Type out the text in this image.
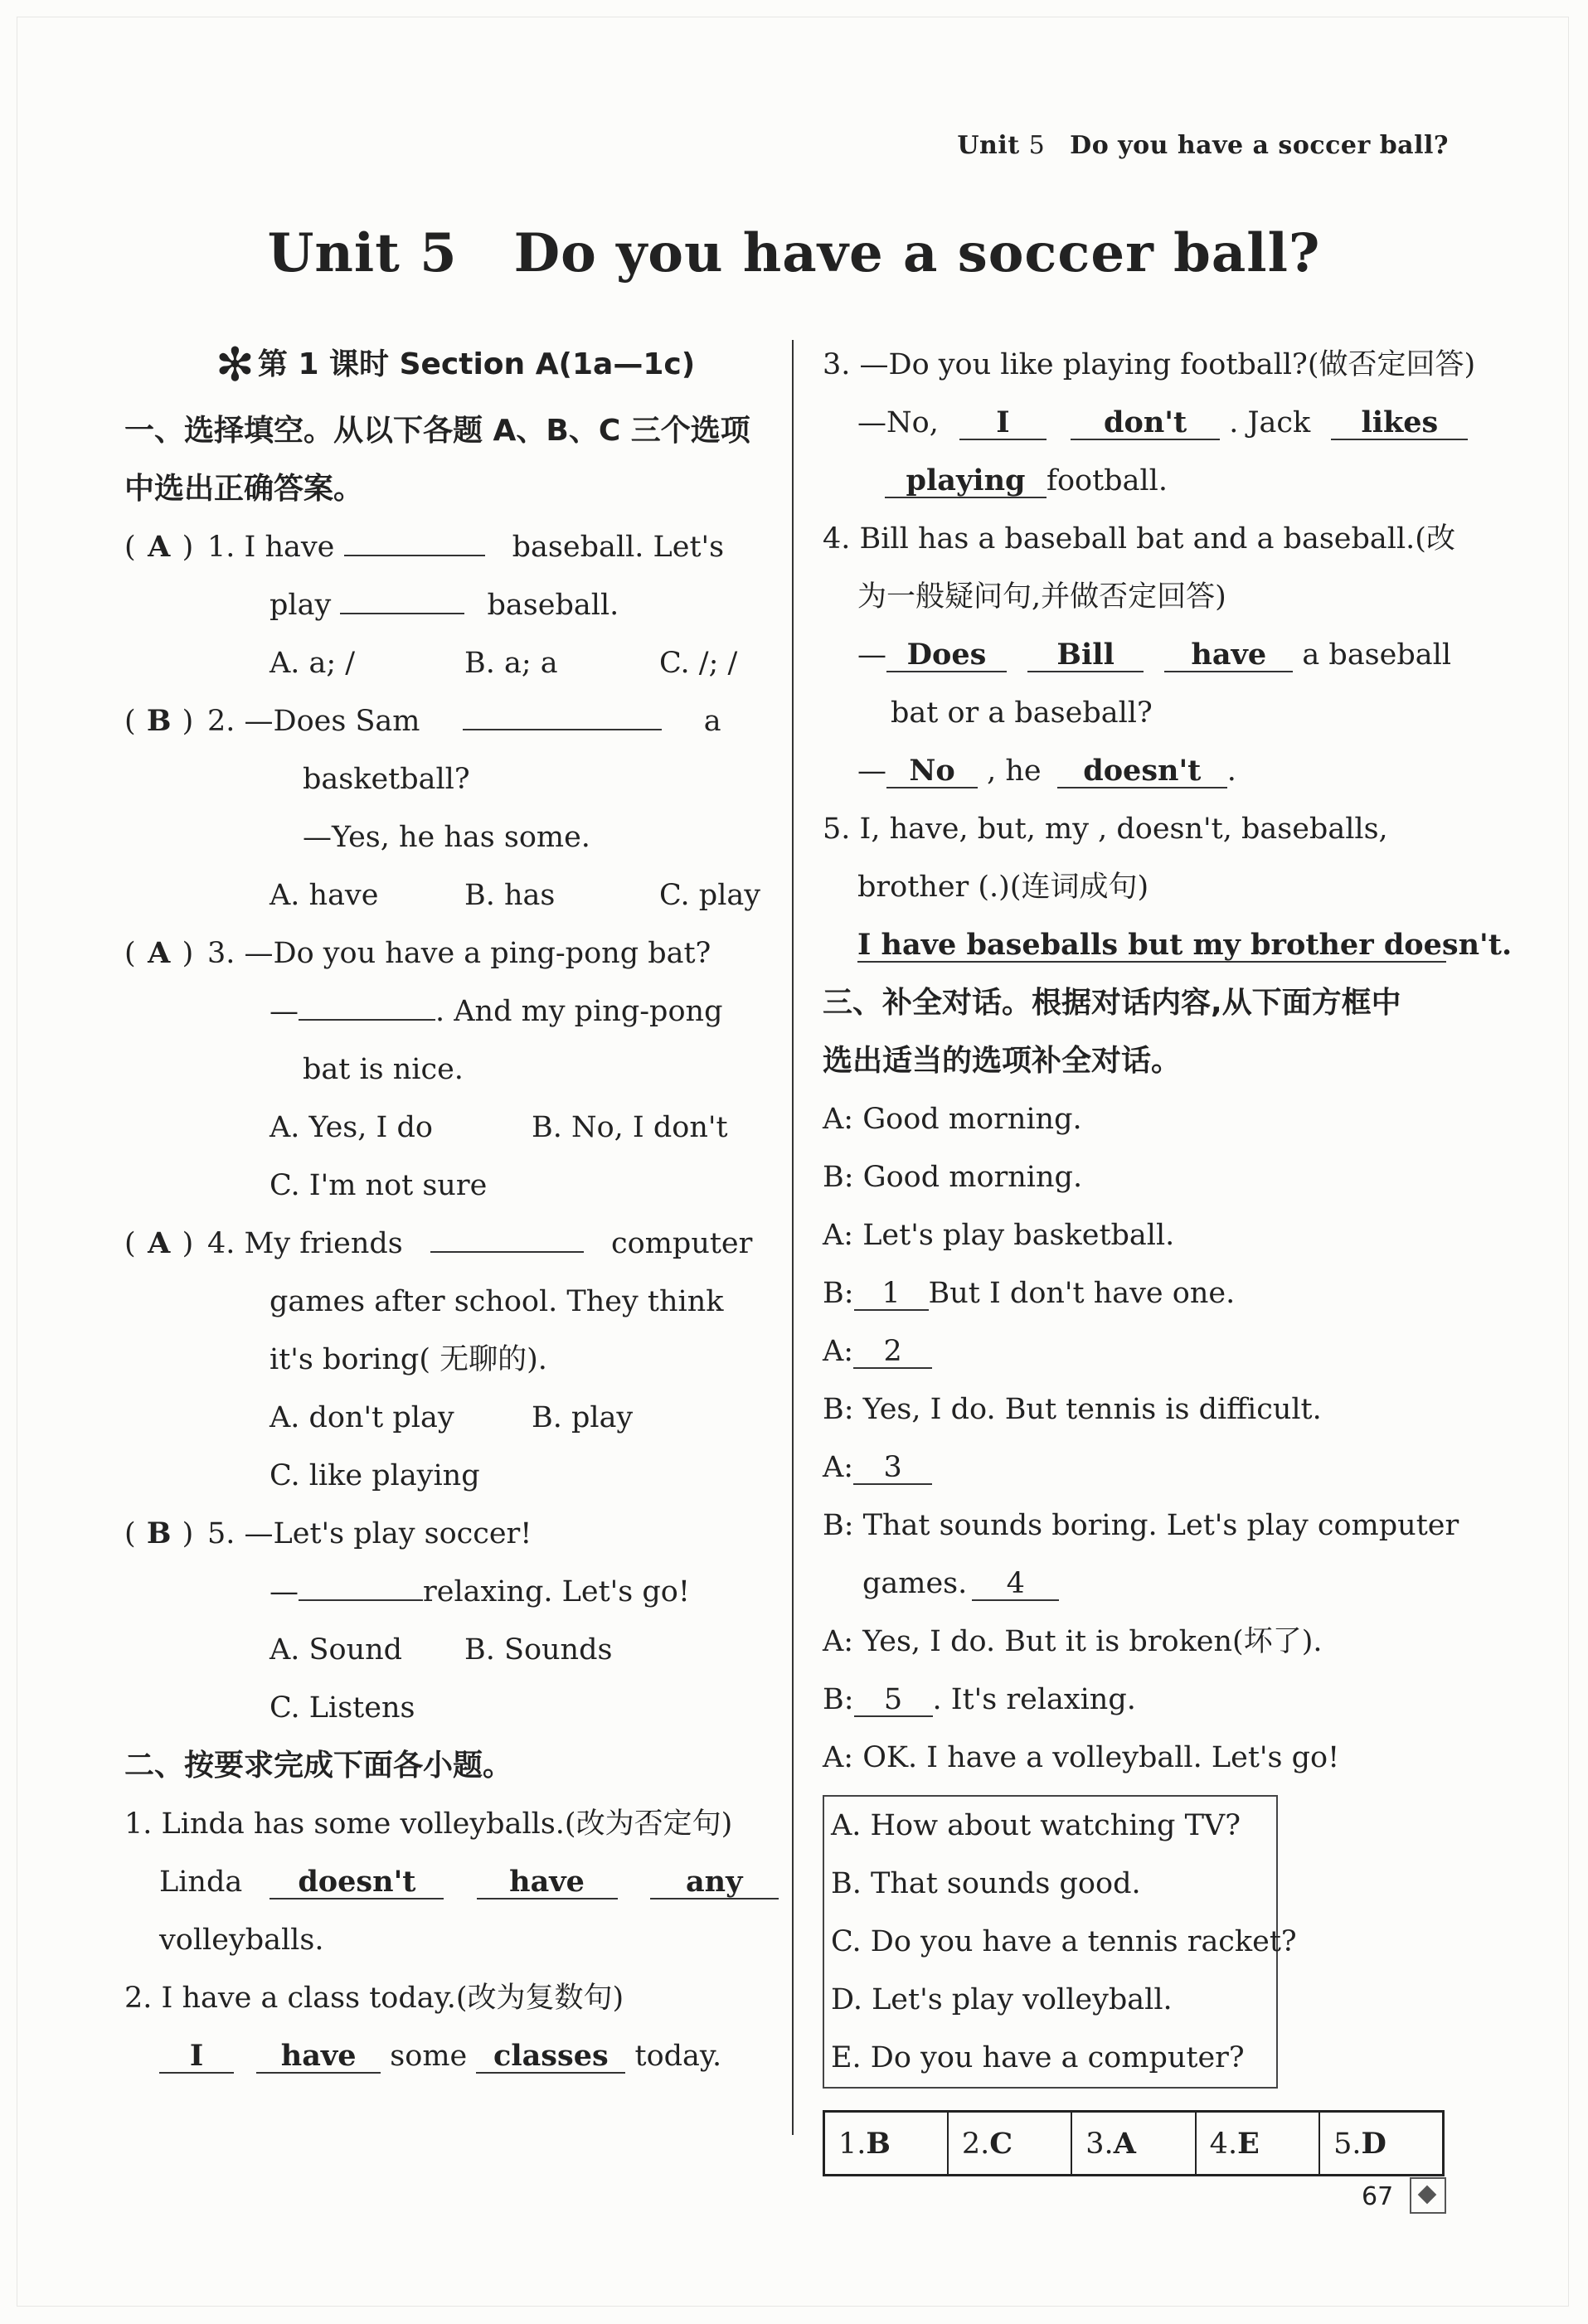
Unit 5 Do you have a soccer ball?
Unit 5 Do you have a soccer ball?
✻ 第 1 课时 Section A(1a—1c)
一、选择填空。从以下各题 A、B、C 三个选项
中选出正确答案。
( A ) 1. I have	baseball. Let's
play	baseball.
A. a; /	B. a; a	C. /; /
( B ) 2. —Does Sam	a
basketball?
—Yes, he has some.
A. have	B. has	C. play
( A ) 3. —Do you have a ping-pong bat?
—	. And my ping-pong
bat is nice.
A. Yes, I do	B. No, I don't
C. I'm not sure
( A ) 4. My friends	computer
games after school. They think
it's boring( 无聊的).
A. don't play	B. play
C. like playing
( B ) 5. —Let's play soccer!
—	relaxing. Let's go!
A. Sound B. Sounds
C. Listens
二、按要求完成下面各小题。
1. Linda has some volleyballs.(改为否定句)
Linda doesn't	have	any
volleyballs.
2. I have a class today.(改为复数句)
I	have some classes today.
3. —Do you like playing football?(做否定回答)
—No, I	don't . Jack likes
playing football.
4. Bill has a baseball bat and a baseball.(改
为一般疑问句,并做否定回答)
— Does Bill	have a baseball
bat or a baseball?
— No , he doesn't .
5. I, have, but, my , doesn't, baseballs,
brother (.)(连词成句)
I have baseballs but my brother doesn't.
三、补全对话。根据对话内容,从下面方框中
选出适当的选项补全对话。
A: Good morning.
B: Good morning.
A: Let's play basketball.
B: 1 But I don't have one.
A: 2
B: Yes, I do. But tennis is difficult.
A: 3
B: That sounds boring. Let's play computer
games. 4
A: Yes, I do. But it is broken(坏了).
B: 5 . It's relaxing.
A: OK. I have a volleyball. Let's go!
A. How about watching TV?
B. That sounds good.
C. Do you have a tennis racket?
D. Let's play volleyball.
E. Do you have a computer?
1.B	2.C	3.A	4.E	5.D
67
